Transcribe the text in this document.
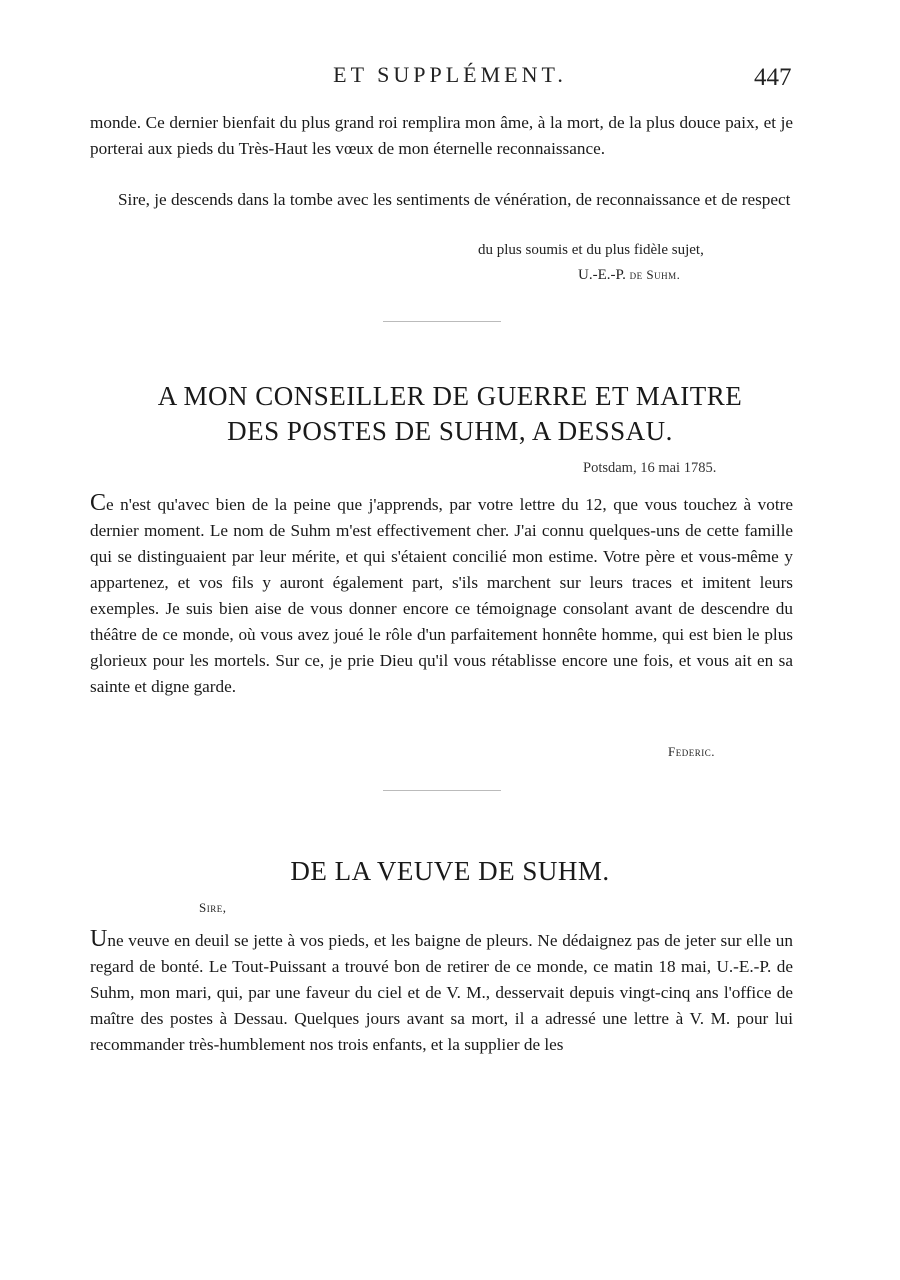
ET SUPPLÉMENT.	447

monde. Ce dernier bienfait du plus grand roi remplira mon âme, à la mort, de la plus douce paix, et je porterai aux pieds du Très-Haut les vœux de mon éternelle reconnaissance.

Sire, je descends dans la tombe avec les sentiments de vénération, de reconnaissance et de respect

du plus soumis et du plus fidèle sujet,
U.-E.-P. de Suhm.
A MON CONSEILLER DE GUERRE ET MAITRE
DES POSTES DE SUHM, A DESSAU.
Potsdam, 16 mai 1785.

Ce n'est qu'avec bien de la peine que j'apprends, par votre lettre du 12, que vous touchez à votre dernier moment. Le nom de Suhm m'est effectivement cher. J'ai connu quelques-uns de cette famille qui se distinguaient par leur mérite, et qui s'étaient concilié mon estime. Votre père et vous-même y appartenez, et vos fils y auront également part, s'ils marchent sur leurs traces et imitent leurs exemples. Je suis bien aise de vous donner encore ce témoignage consolant avant de descendre du théâtre de ce monde, où vous avez joué le rôle d'un parfaitement honnête homme, qui est bien le plus glorieux pour les mortels. Sur ce, je prie Dieu qu'il vous rétablisse encore une fois, et vous ait en sa sainte et digne garde.

Federic.
DE LA VEUVE DE SUHM.
Sire,

Une veuve en deuil se jette à vos pieds, et les baigne de pleurs. Ne dédaignez pas de jeter sur elle un regard de bonté. Le Tout-Puissant a trouvé bon de retirer de ce monde, ce matin 18 mai, U.-E.-P. de Suhm, mon mari, qui, par une faveur du ciel et de V. M., desservait depuis vingt-cinq ans l'office de maître des postes à Dessau. Quelques jours avant sa mort, il a adressé une lettre à V. M. pour lui recommander très-humblement nos trois enfants, et la supplier de les
